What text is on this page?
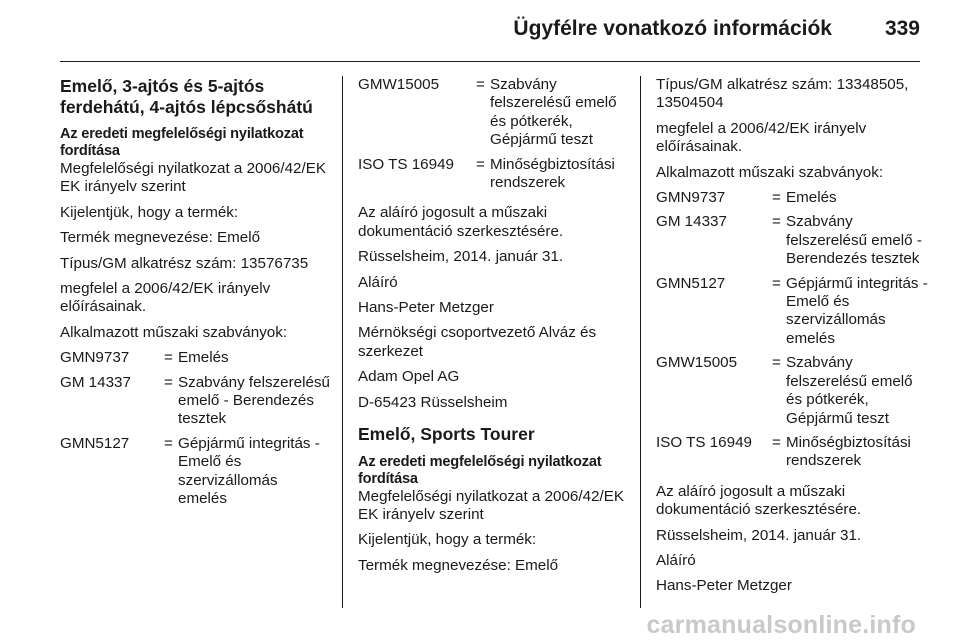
Ügyfélre vonatkozó információk	339
Emelő, 3-ajtós és 5-ajtós ferdehátú, 4-ajtós lépcsőshátú
Az eredeti megfelelőségi nyilatkozat fordítása

Megfelelőségi nyilatkozat a 2006/42/EK EK irányelv szerint

Kijelentjük, hogy a termék:

Termék megnevezése: Emelő

Típus/GM alkatrész szám: 13576735

megfelel a 2006/42/EK irányelv előírásainak.

Alkalmazott műszaki szabványok:

GMN9737	= Emelés
GM 14337	= Szabvány felszerelésű emelő - Berendezés tesztek
GMN5127	= Gépjármű integritás - Emelő és szervizállomás emelés
GMW15005	= Szabvány felszerelésű emelő és pótkerék, Gépjármű teszt
ISO TS 16949	= Minőségbiztosítási rendszerek

Az aláíró jogosult a műszaki dokumentáció szerkesztésére.

Rüsselsheim, 2014. január 31.

Aláíró

Hans-Peter Metzger

Mérnökségi csoportvezető Alváz és szerkezet

Adam Opel AG

D-65423 Rüsselsheim

Emelő, Sports Tourer
Az eredeti megfelelőségi nyilatkozat fordítása

Megfelelőségi nyilatkozat a 2006/42/EK EK irányelv szerint

Kijelentjük, hogy a termék:

Termék megnevezése: Emelő

Típus/GM alkatrész szám: 13348505, 13504504

megfelel a 2006/42/EK irányelv előírásainak.

Alkalmazott műszaki szabványok:

GMN9737	= Emelés
GM 14337	= Szabvány felszerelésű emelő - Berendezés tesztek
GMN5127	= Gépjármű integritás - Emelő és szervizállomás emelés
GMW15005	= Szabvány felszerelésű emelő és pótkerék, Gépjármű teszt
ISO TS 16949	= Minőségbiztosítási rendszerek

Az aláíró jogosult a műszaki dokumentáció szerkesztésére.

Rüsselsheim, 2014. január 31.

Aláíró

Hans-Peter Metzger

carmanualsonline.info
